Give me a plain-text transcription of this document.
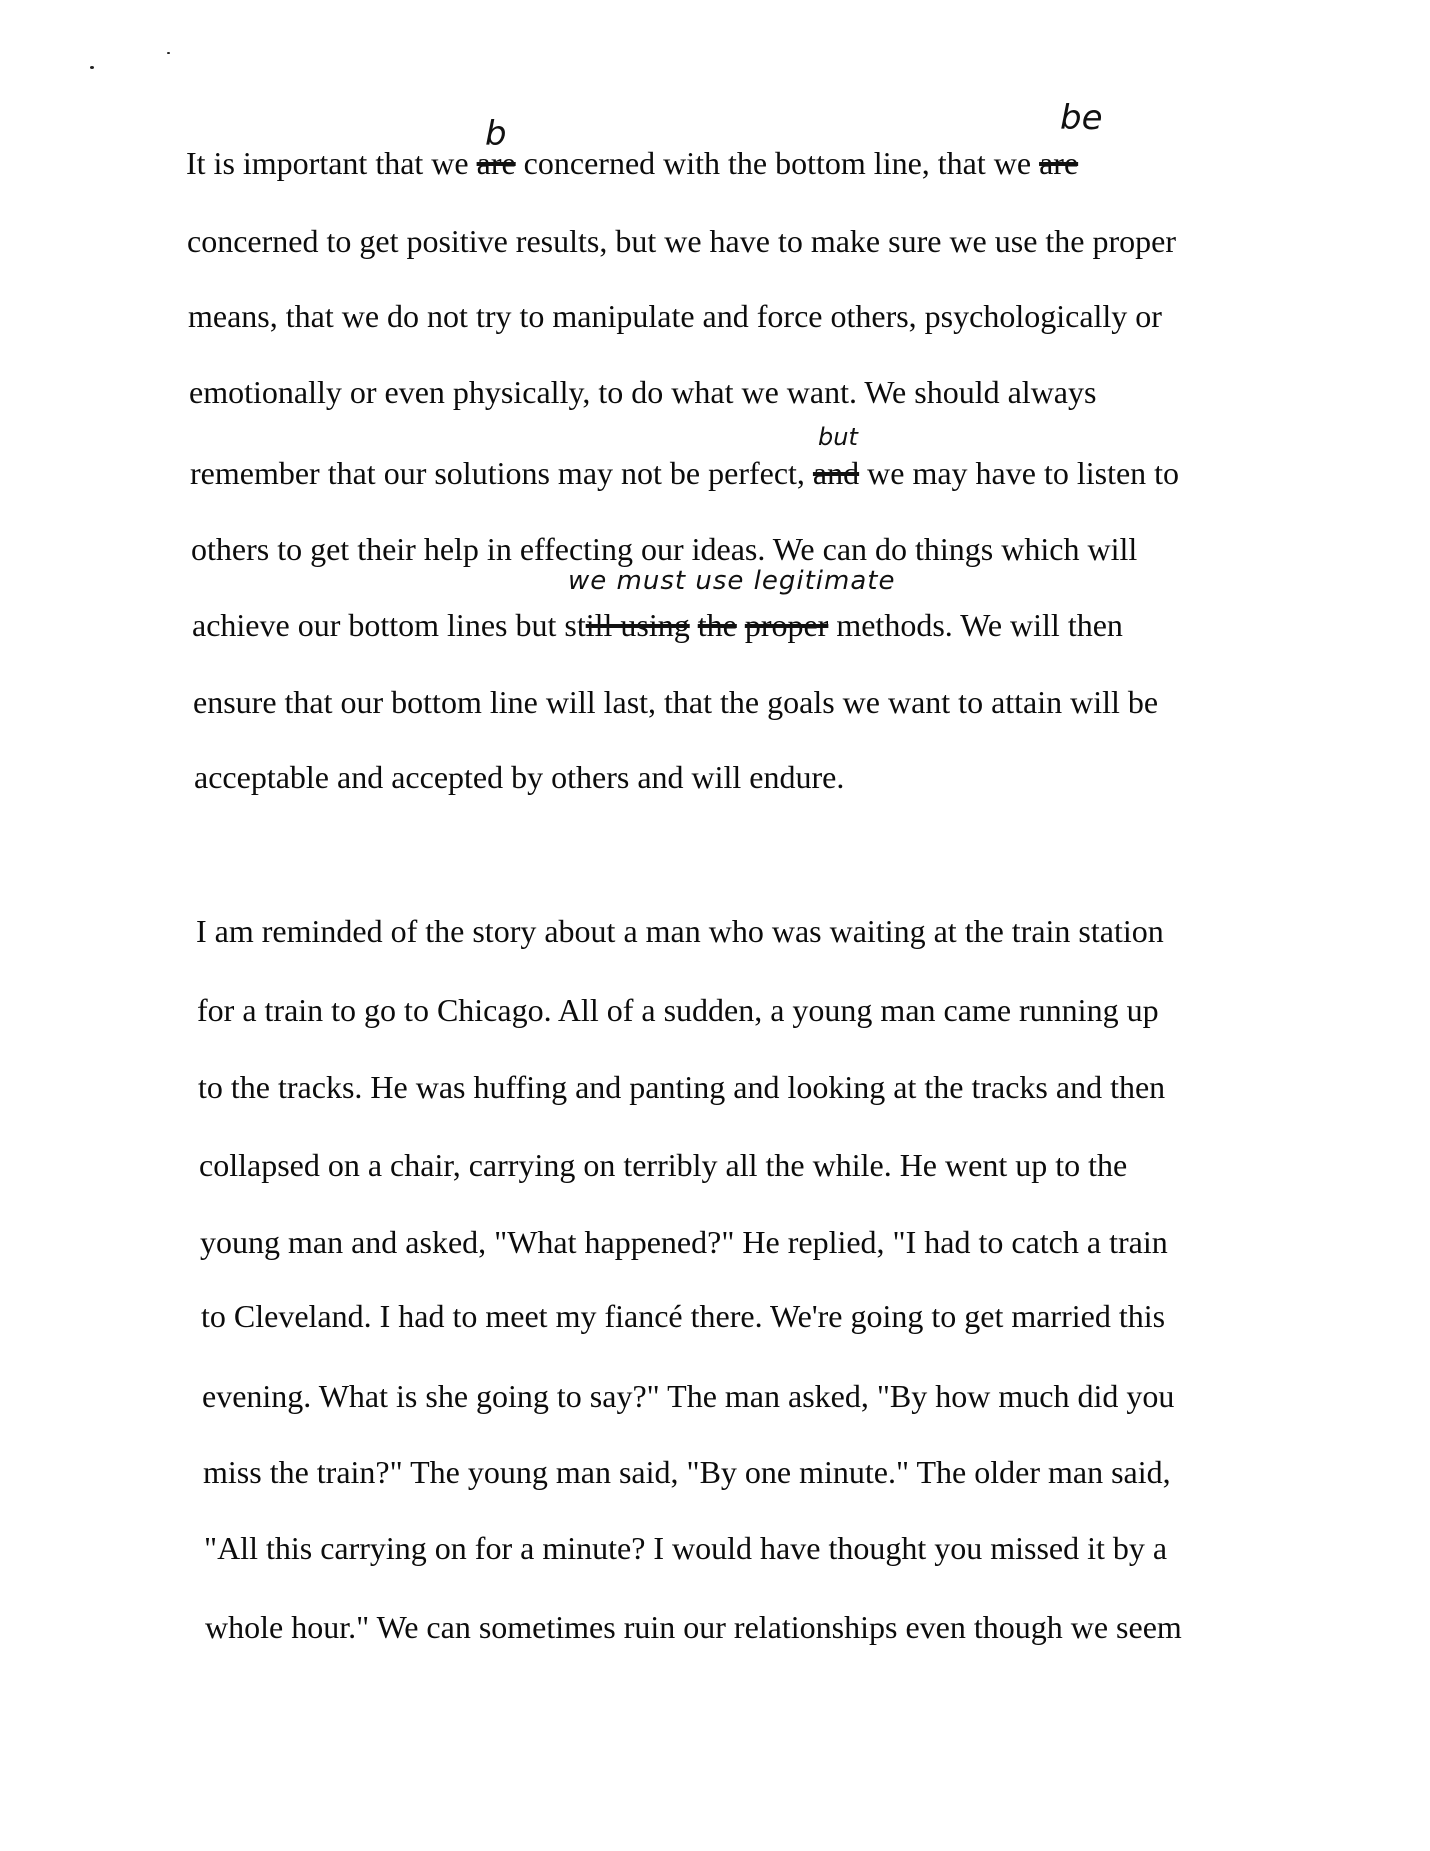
It is important that we are concerned with the bottom line, that we are
b	be
concerned to get positive results, but we have to make sure we use the proper
means, that we do not try to manipulate and force others, psychologically or
emotionally or even physically, to do what we want. We should always
remember that our solutions may not be perfect, and we may have to listen to
but
others to get their help in effecting our ideas. We can do things which will
achieve our bottom lines but still using the proper methods. We will then
we must use legitimate
ensure that our bottom line will last, that the goals we want to attain will be
acceptable and accepted by others and will endure.
I am reminded of the story about a man who was waiting at the train station
for a train to go to Chicago. All of a sudden, a young man came running up
to the tracks. He was huffing and panting and looking at the tracks and then
collapsed on a chair, carrying on terribly all the while. He went up to the
young man and asked, "What happened?" He replied, "I had to catch a train
to Cleveland. I had to meet my fiancé there. We're going to get married this
evening. What is she going to say?" The man asked, "By how much did you
miss the train?" The young man said, "By one minute." The older man said,
"All this carrying on for a minute? I would have thought you missed it by a
whole hour." We can sometimes ruin our relationships even though we seem
